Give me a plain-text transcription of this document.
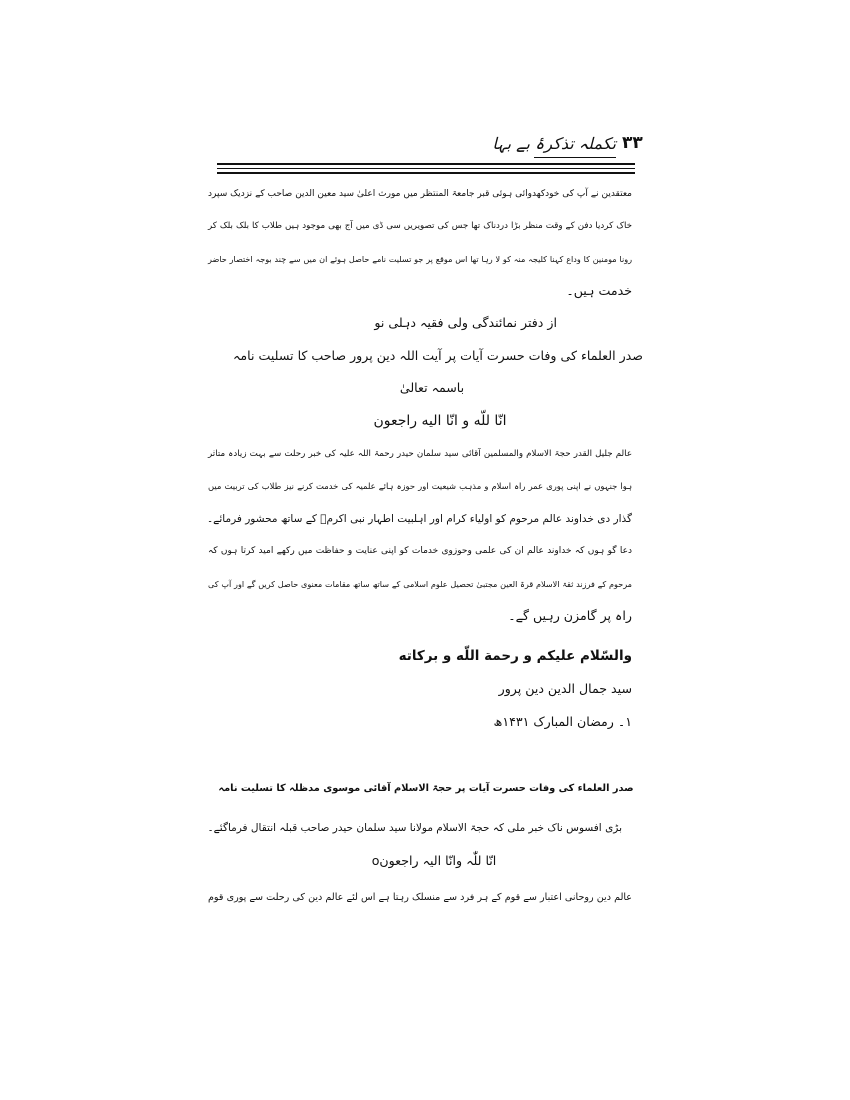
۳۳
تکملہ تذکرۂ بے بہا
معتقدین نے آپ کی خودکھدوائی ہوئی قبر جامعۃ المنتظر میں مورث اعلیٰ سید معین الدین صاحب کے نزدیک سپرد
خاک کردیا دفن کے وقت منظر بڑا دردناک تھا جس کی تصویریں سی ڈی میں آج بھی موجود ہیں طلاب کا بلک بلک کر
رونا مومنین کا وداع کہنا کلیجہ منہ کو لا رہا تھا اس موقع پر جو تسلیت نامے حاصل ہوئے ان میں سے چند بوجہ اختصار حاضر
خدمت ہیں۔
از دفتر نمائندگی ولی فقیہ دہلی نو
صدر العلماء کی وفات حسرت آیات پر آیت اللہ دین پرور صاحب کا تسلیت نامہ
باسمہ تعالیٰ
انّا للّه و انّا اليه راجعون
عالم جلیل القدر حجۃ الاسلام والمسلمین آقائی سید سلمان حیدر رحمۃ اللہ علیہ کی خبر رحلت سے بہت زیادہ متاثر
ہوا جنہوں نے اپنی پوری عمر راہ اسلام و مذہب شیعیت اور حوزہ ہائے علمیہ کی خدمت کرنے نیز طلاب کی تربیت میں
گذار دی خداوند عالم مرحوم کو اولیاء کرام اور اہلبیت اطہار نبی اکرمؐ کے ساتھ محشور فرمائے۔
دعا گو ہوں کہ خداوند عالم ان کی علمی وحوزوی خدمات کو اپنی عنایت و حفاظت میں رکھے امید کرتا ہوں کہ
مرحوم کے فرزند ثقۃ الاسلام قرۃ العین مجتبیٰ تحصیل علوم اسلامی کے ساتھ ساتھ مقامات معنوی حاصل کریں گے اور آپ کی
راہ پر گامزن رہیں گے۔
والسّلام علیکم و رحمة اللّه و برکاته
سید جمال الدین دین پرور
۱۔ رمضان المبارک ۱۴۳۱ھ
صدر العلماء کی وفات حسرت آیات پر حجۃ الاسلام آقائی موسوی مدظلہ کا تسلیت نامہ
بڑی افسوس ناک خبر ملی کہ حجۃ الاسلام مولانا سید سلمان حیدر صاحب قبلہ انتقال فرماگئے۔
انّا للّٰہ وانّا الیہ راجعونo
عالم دین روحانی اعتبار سے قوم کے ہر فرد سے منسلک رہتا ہے اس لئے عالم دین کی رحلت سے پوری قوم
